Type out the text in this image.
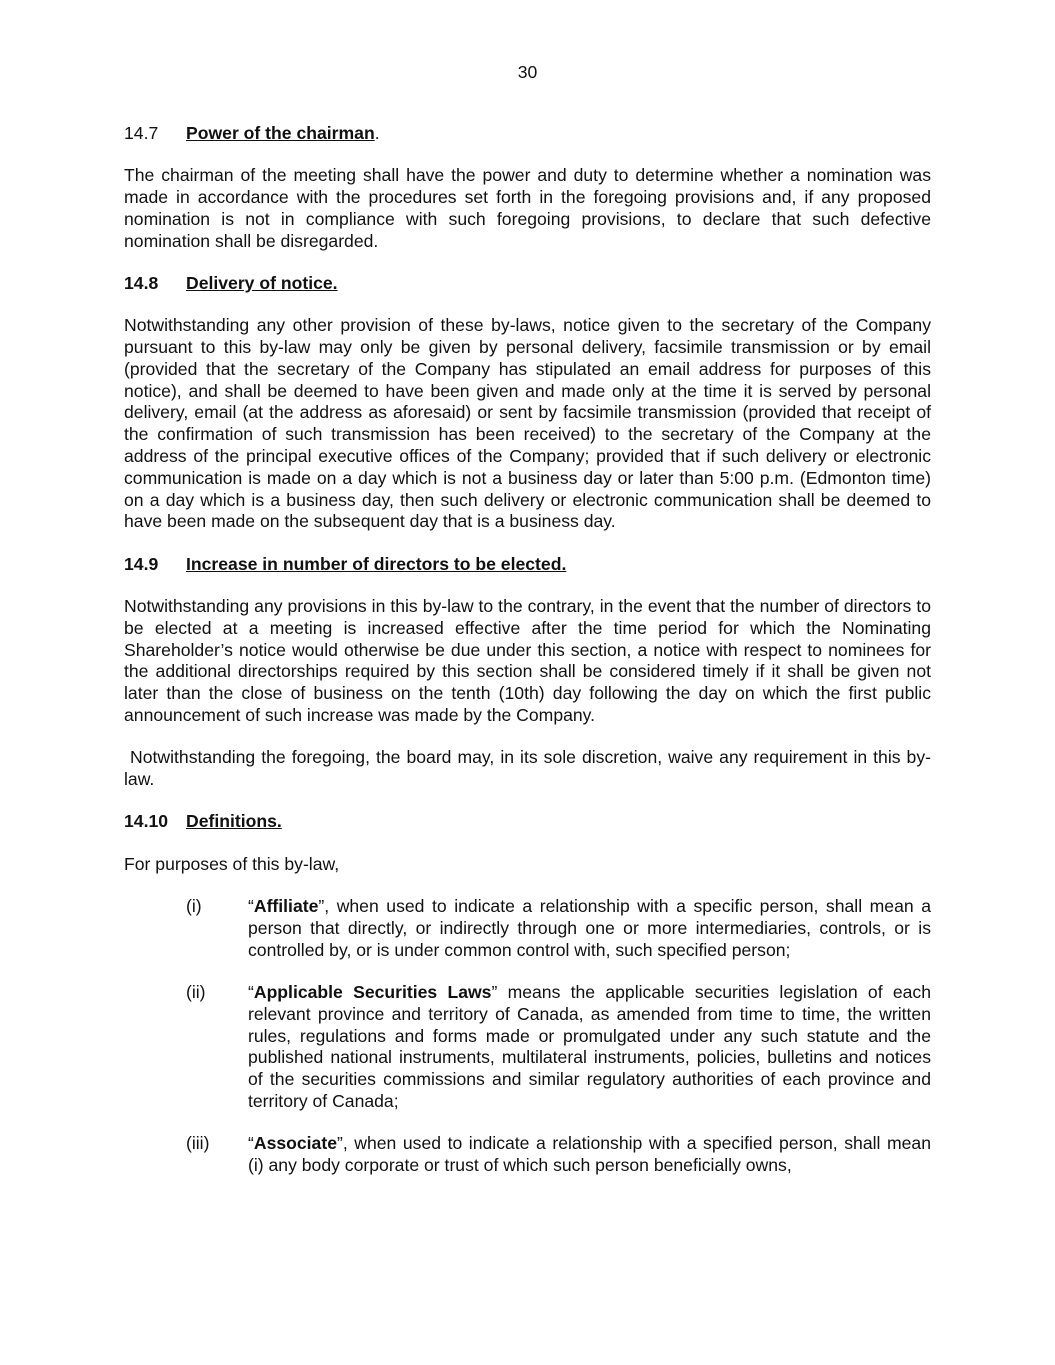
30
14.7 Power of the chairman.

The chairman of the meeting shall have the power and duty to determine whether a nomination was made in accordance with the procedures set forth in the foregoing provisions and, if any proposed nomination is not in compliance with such foregoing provisions, to declare that such defective nomination shall be disregarded.

14.8 Delivery of notice.

Notwithstanding any other provision of these by-laws, notice given to the secretary of the Company pursuant to this by-law may only be given by personal delivery, facsimile transmission or by email (provided that the secretary of the Company has stipulated an email address for purposes of this notice), and shall be deemed to have been given and made only at the time it is served by personal delivery, email (at the address as aforesaid) or sent by facsimile transmission (provided that receipt of the confirmation of such transmission has been received) to the secretary of the Company at the address of the principal executive offices of the Company; provided that if such delivery or electronic communication is made on a day which is not a business day or later than 5:00 p.m. (Edmonton time) on a day which is a business day, then such delivery or electronic communication shall be deemed to have been made on the subsequent day that is a business day.

14.9 Increase in number of directors to be elected.

Notwithstanding any provisions in this by-law to the contrary, in the event that the number of directors to be elected at a meeting is increased effective after the time period for which the Nominating Shareholder’s notice would otherwise be due under this section, a notice with respect to nominees for the additional directorships required by this section shall be considered timely if it shall be given not later than the close of business on the tenth (10th) day following the day on which the first public announcement of such increase was made by the Company.

Notwithstanding the foregoing, the board may, in its sole discretion, waive any requirement in this by-law.

14.10 Definitions.

For purposes of this by-law,

(i)	“Affiliate”, when used to indicate a relationship with a specific person, shall mean a person that directly, or indirectly through one or more intermediaries, controls, or is controlled by, or is under common control with, such specified person;
(ii) “Applicable Securities Laws” means the applicable securities legislation of each relevant province and territory of Canada, as amended from time to time, the written rules, regulations and forms made or promulgated under any such statute and the published national instruments, multilateral instruments, policies, bulletins and notices of the securities commissions and similar regulatory authorities of each province and territory of Canada;
(iii) “Associate”, when used to indicate a relationship with a specified person, shall mean (i) any body corporate or trust of which such person beneficially owns,
